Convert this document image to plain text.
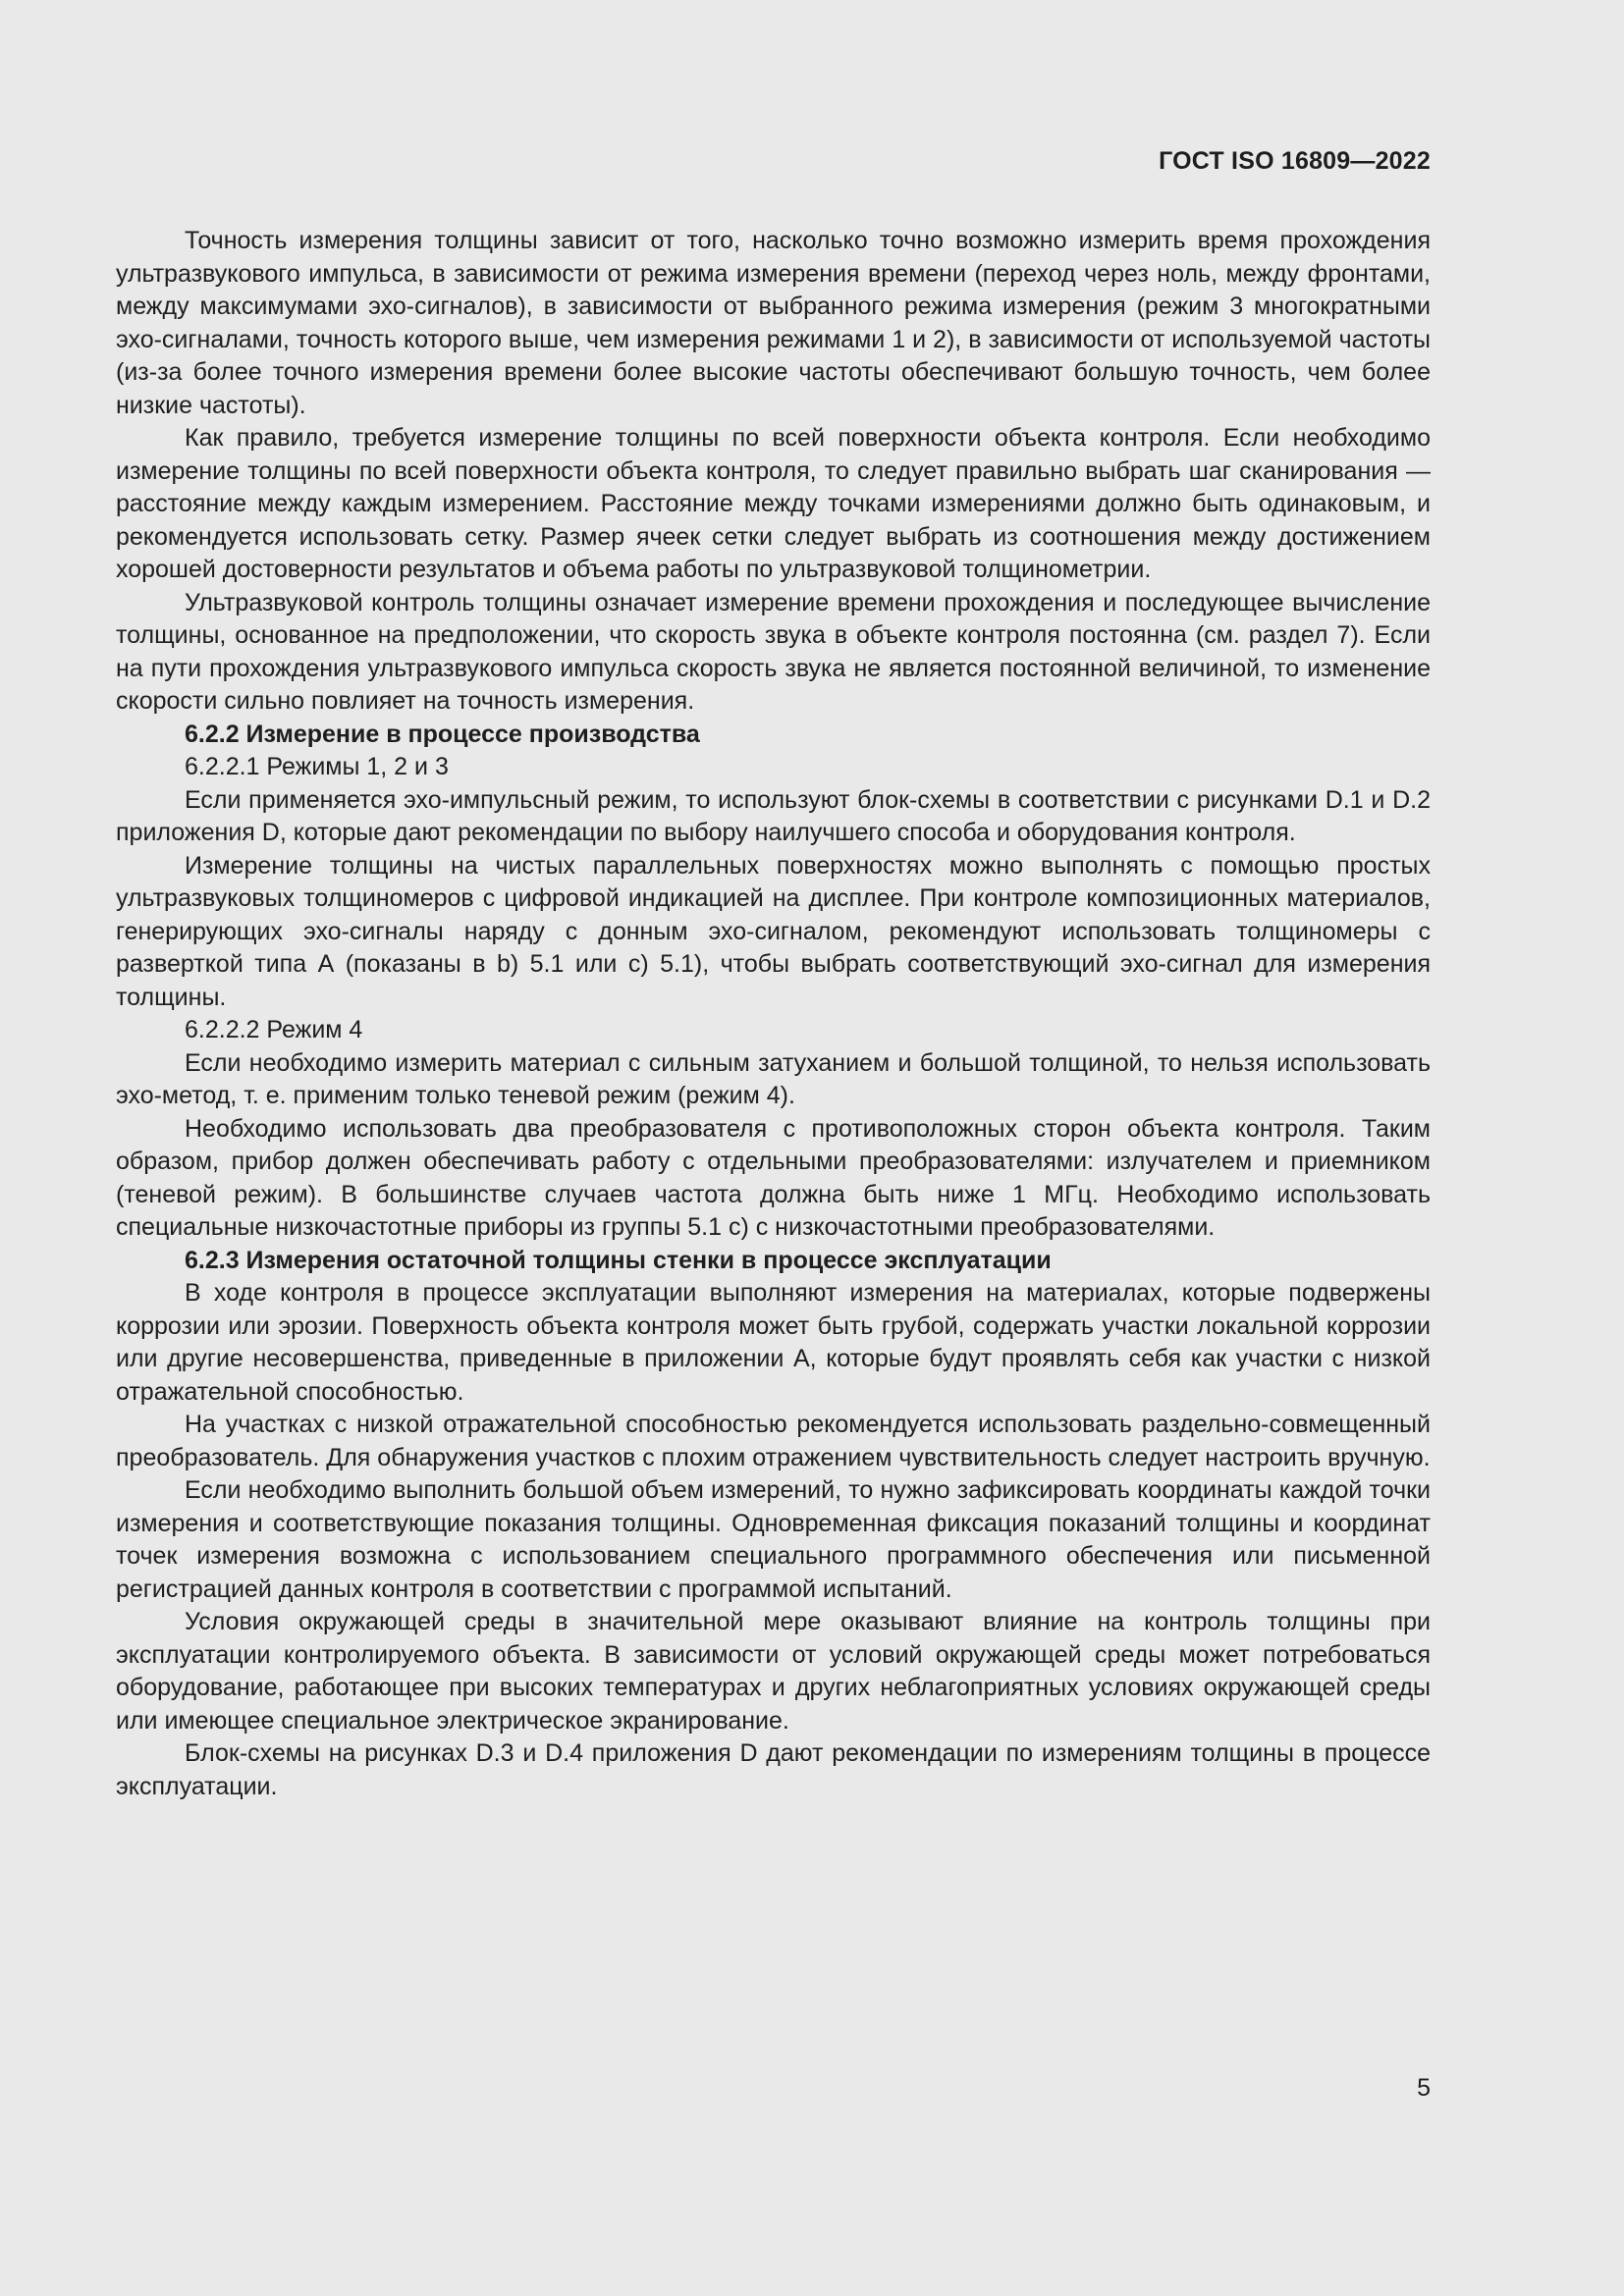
ГОСТ ISO 16809—2022

Точность измерения толщины зависит от того, насколько точно возможно измерить время прохождения ультразвукового импульса, в зависимости от режима измерения времени (переход через ноль, между фронтами, между максимумами эхо-сигналов), в зависимости от выбранного режима измерения (режим 3 многократными эхо-сигналами, точность которого выше, чем измерения режимами 1 и 2), в зависимости от используемой частоты (из-за более точного измерения времени более высокие частоты обеспечивают большую точность, чем более низкие частоты).

Как правило, требуется измерение толщины по всей поверхности объекта контроля. Если необходимо измерение толщины по всей поверхности объекта контроля, то следует правильно выбрать шаг сканирования — расстояние между каждым измерением. Расстояние между точками измерениями должно быть одинаковым, и рекомендуется использовать сетку. Размер ячеек сетки следует выбрать из соотношения между достижением хорошей достоверности результатов и объема работы по ультразвуковой толщинометрии.

Ультразвуковой контроль толщины означает измерение времени прохождения и последующее вычисление толщины, основанное на предположении, что скорость звука в объекте контроля постоянна (см. раздел 7). Если на пути прохождения ультразвукового импульса скорость звука не является постоянной величиной, то изменение скорости сильно повлияет на точность измерения.

6.2.2 Измерение в процессе производства

6.2.2.1 Режимы 1, 2 и 3

Если применяется эхо-импульсный режим, то используют блок-схемы в соответствии с рисунками D.1 и D.2 приложения D, которые дают рекомендации по выбору наилучшего способа и оборудования контроля.

Измерение толщины на чистых параллельных поверхностях можно выполнять с помощью простых ультразвуковых толщиномеров с цифровой индикацией на дисплее. При контроле композиционных материалов, генерирующих эхо-сигналы наряду с донным эхо-сигналом, рекомендуют использовать толщиномеры с разверткой типа А (показаны в b) 5.1 или с) 5.1), чтобы выбрать соответствующий эхо-сигнал для измерения толщины.

6.2.2.2 Режим 4

Если необходимо измерить материал с сильным затуханием и большой толщиной, то нельзя использовать эхо-метод, т. е. применим только теневой режим (режим 4).

Необходимо использовать два преобразователя с противоположных сторон объекта контроля. Таким образом, прибор должен обеспечивать работу с отдельными преобразователями: излучателем и приемником (теневой режим). В большинстве случаев частота должна быть ниже 1 МГц. Необходимо использовать специальные низкочастотные приборы из группы 5.1 с) с низкочастотными преобразователями.

6.2.3 Измерения остаточной толщины стенки в процессе эксплуатации

В ходе контроля в процессе эксплуатации выполняют измерения на материалах, которые подвержены коррозии или эрозии. Поверхность объекта контроля может быть грубой, содержать участки локальной коррозии или другие несовершенства, приведенные в приложении А, которые будут проявлять себя как участки с низкой отражательной способностью.

На участках с низкой отражательной способностью рекомендуется использовать раздельно-совмещенный преобразователь. Для обнаружения участков с плохим отражением чувствительность следует настроить вручную.

Если необходимо выполнить большой объем измерений, то нужно зафиксировать координаты каждой точки измерения и соответствующие показания толщины. Одновременная фиксация показаний толщины и координат точек измерения возможна с использованием специального программного обеспечения или письменной регистрацией данных контроля в соответствии с программой испытаний.

Условия окружающей среды в значительной мере оказывают влияние на контроль толщины при эксплуатации контролируемого объекта. В зависимости от условий окружающей среды может потребоваться оборудование, работающее при высоких температурах и других неблагоприятных условиях окружающей среды или имеющее специальное электрическое экранирование.

Блок-схемы на рисунках D.3 и D.4 приложения D дают рекомендации по измерениям толщины в процессе эксплуатации.

5
